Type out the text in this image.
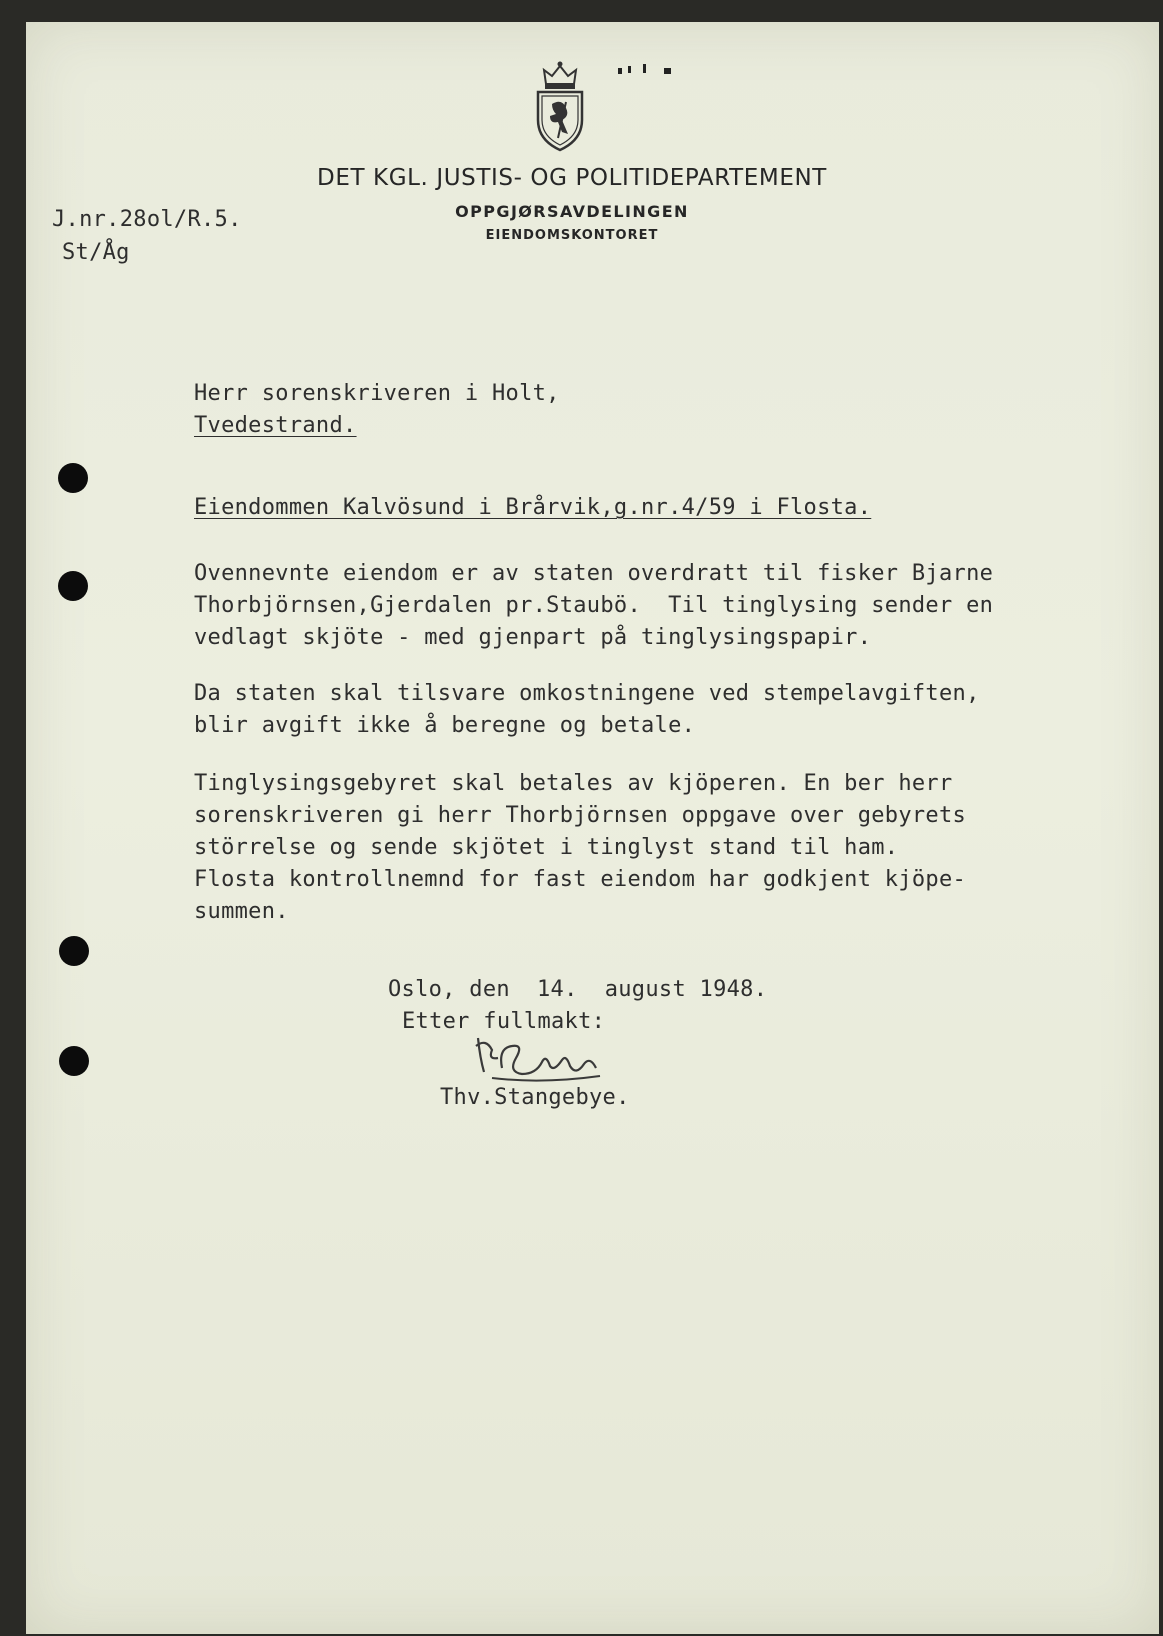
DET KGL. JUSTIS- OG POLITIDEPARTEMENT
OPPGJØRSAVDELINGEN
EIENDOMSKONTORET
J.nr.28ol/R.5.
St/Åg
Herr sorenskriveren i Holt,
Tvedestrand.
Eiendommen Kalvösund i Brårvik,g.nr.4/59 i Flosta.
Ovennevnte eiendom er av staten overdratt til fisker Bjarne
Thorbjörnsen,Gjerdalen pr.Staubö.  Til tinglysing sender en
vedlagt skjöte - med gjenpart på tinglysingspapir.
Da staten skal tilsvare omkostningene ved stempelavgiften,
blir avgift ikke å beregne og betale.
Tinglysingsgebyret skal betales av kjöperen. En ber herr
sorenskriveren gi herr Thorbjörnsen oppgave over gebyrets
störrelse og sende skjötet i tinglyst stand til ham.
Flosta kontrollnemnd for fast eiendom har godkjent kjöpe-
summen.
Oslo, den  14.  august 1948.
Etter fullmakt:
Thv.Stangebye.
